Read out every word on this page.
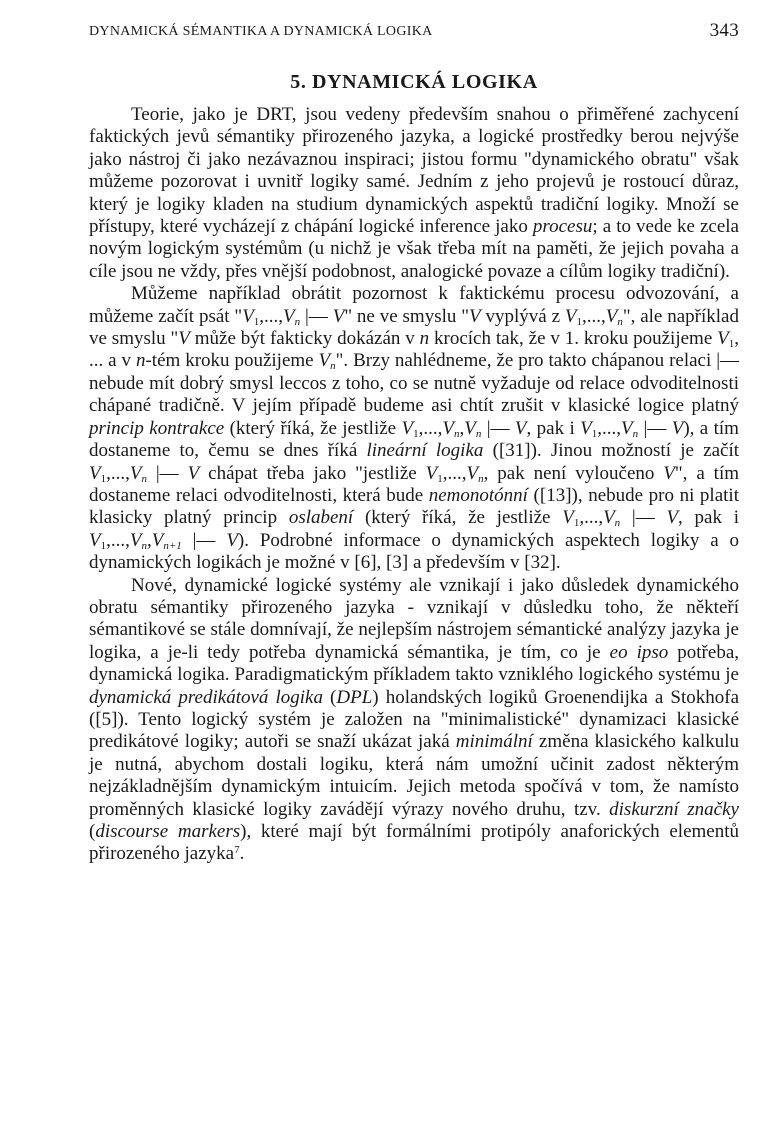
DYNAMICKÁ SÉMANTIKA A DYNAMICKÁ LOGIKA	343
5. DYNAMICKÁ LOGIKA

Teorie, jako je DRT, jsou vedeny především snahou o přiměřené zachycení faktických jevů sémantiky přirozeného jazyka, a logické prostředky berou nejvýše jako nástroj či jako nezávaznou inspiraci; jistou formu "dynamického obratu" však můžeme pozorovat i uvnitř logiky samé. Jedním z jeho projevů je rostoucí důraz, který je logiky kladen na studium dynamických aspektů tradiční logiky. Množí se přístupy, které vycházejí z chápání logické inference jako procesu; a to vede ke zcela novým logickým systémům (u nichž je však třeba mít na paměti, že jejich povaha a cíle jsou ne vždy, přes vnější podobnost, analogické povaze a cílům logiky tradiční).

Můžeme například obrátit pozornost k faktickému procesu odvozování, a můžeme začít psát "$V_1,...,V_n$ |— V" ne ve smyslu "V vyplývá z $V_1,...,V_n$", ale například ve smyslu "V může být fakticky dokázán v n krocích tak, že v 1. kroku použijeme $V_1$, ... a v n-tém kroku použijeme $V_n$". Brzy nahlédneme, že pro takto chápanou relaci |— nebude mít dobrý smysl leccos z toho, co se nutně vyžaduje od relace odvoditelnosti chápané tradičně. V jejím případě budeme asi chtít zrušit v klasické logice platný princip kontrakce (který říká, že jestliže $V_1,...,V_n,V_n$ |— V, pak i $V_1,...,V_n$ |— V), a tím dostaneme to, čemu se dnes říká lineární logika ([31]). Jinou možností je začít $V_1,...,V_n$ |— V chápat třeba jako "jestliže $V_1,...,V_n$, pak není vyloučeno V", a tím dostaneme relaci odvoditelnosti, která bude nemonotónní ([13]), nebude pro ni platit klasicky platný princip oslabení (který říká, že jestliže $V_1,...,V_n$ |— V, pak i $V_1,...,V_n,V_{n+1}$ |— V). Podrobné informace o dynamických aspektech logiky a o dynamických logikách je možné v [6], [3] a především v [32].

Nové, dynamické logické systémy ale vznikají i jako důsledek dynamického obratu sémantiky přirozeného jazyka - vznikají v důsledku toho, že někteří sémantikové se stále domnívají, že nejlepším nástrojem sémantické analýzy jazyka je logika, a je-li tedy potřeba dynamická sémantika, je tím, co je eo ipso potřeba, dynamická logika. Paradigmatickým příkladem takto vzniklého logického systému je dynamická predikátová logika (DPL) holandských logiků Groenendijka a Stokhofa ([5]). Tento logický systém je založen na "minimalistické" dynamizaci klasické predikátové logiky; autoři se snaží ukázat jaká minimální změna klasického kalkulu je nutná, abychom dostali logiku, která nám umožní učinit zadost některým nejzákladnějším dynamickým intuicím. Jejich metoda spočívá v tom, že namísto proměnných klasické logiky zavádějí výrazy nového druhu, tzv. diskurzní značky (discourse markers), které mají být formálními protipóly anaforických elementů přirozeného jazyka$^7$.
